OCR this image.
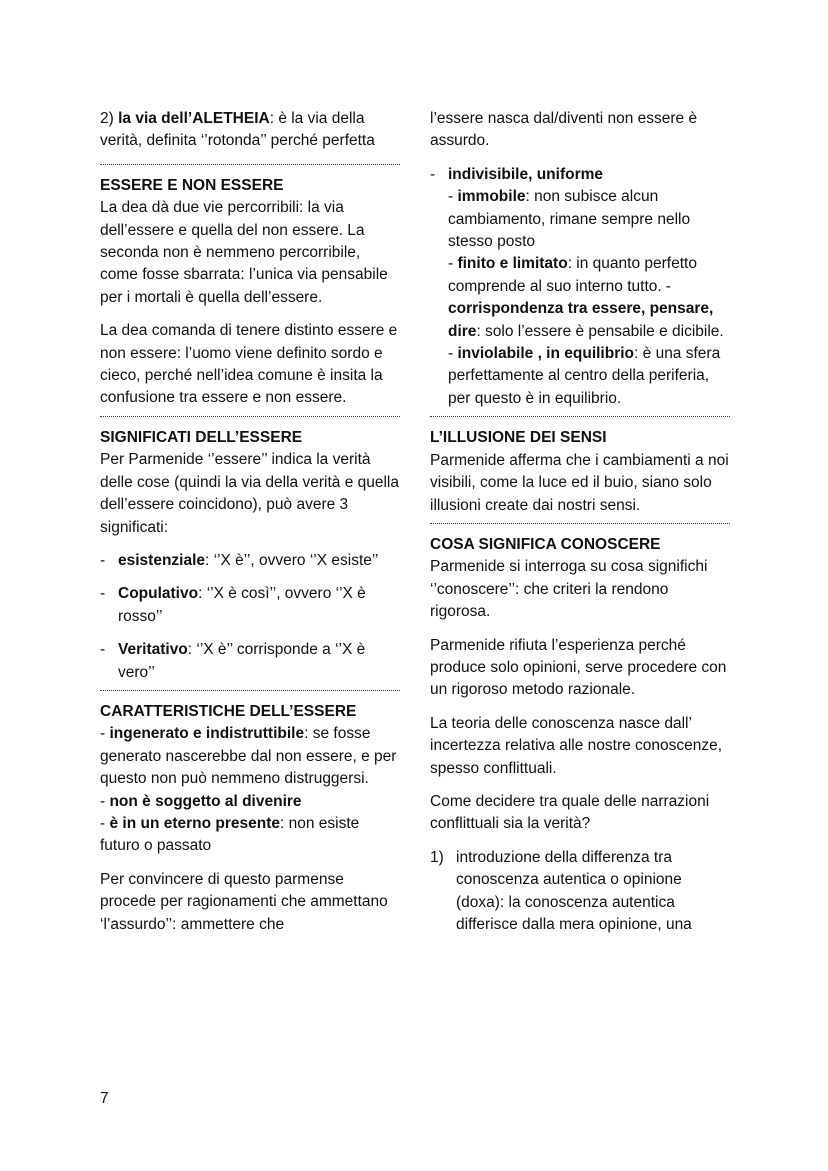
2) la via dell’ALETHEIA: è la via della verità, definita ‘’rotonda’’ perché perfetta

ESSERE E NON ESSERE

La dea dà due vie percorribili: la via dell’essere e quella del non essere. La seconda non è nemmeno percorribile, come fosse sbarrata: l’unica via pensabile per i mortali è quella dell’essere.

La dea comanda di tenere distinto essere e non essere: l’uomo viene definito sordo e cieco, perché nell’idea comune è insita la confusione tra essere e non essere.

SIGNIFICATI DELL’ESSERE

Per Parmenide ‘’essere’’ indica la verità delle cose (quindi la via della verità e quella dell’essere coincidono), può avere 3 significati:

- esistenziale: ‘’X è’’, ovvero ‘’X esiste’’
- Copulativo: ‘’X è così’’, ovvero ‘’X è rosso’’
- Veritativo: ‘’X è’’ corrisponde a ‘’X è vero’’
CARATTERISTICHE DELL’ESSERE
- ingenerato e indistruttibile: se fosse generato nascerebbe dal non essere, e per questo non può nemmeno distruggersi.
- non è soggetto al divenire

- è in un eterno presente: non esiste futuro o passato

Per convincere di questo parmense procede per ragionamenti che ammettano ‘l’assurdo’’: ammettere che

l’essere nasca dal/diventi non essere è assurdo.

- indivisibile, uniforme
- immobile: non subisce alcun cambiamento, rimane sempre nello stesso posto
- finito e limitato: in quanto perfetto comprende al suo interno tutto. -
corrispondenza tra essere, pensare, dire: solo l’essere è pensabile e dicibile.
- inviolabile , in equilibrio: è una sfera perfettamente al centro della periferia, per questo è in equilibrio.
L’ILLUSIONE DEI SENSI

Parmenide afferma che i cambiamenti a noi visibili, come la luce ed il buio, siano solo illusioni create dai nostri sensi.

COSA SIGNIFICA CONOSCERE

Parmenide si interroga su cosa significhi ‘’conoscere’’: che criteri la rendono rigorosa.

Parmenide rifiuta l’esperienza perché produce solo opinioni, serve procedere con un rigoroso metodo razionale.

La teoria delle conoscenza nasce dall’ incertezza relativa alle nostre conoscenze, spesso conflittuali.

Come decidere tra quale delle narrazioni conflittuali sia la verità?

1) introduzione della differenza tra conoscenza autentica o opinione (doxa): la conoscenza autentica differisce dalla mera opinione, una
7
